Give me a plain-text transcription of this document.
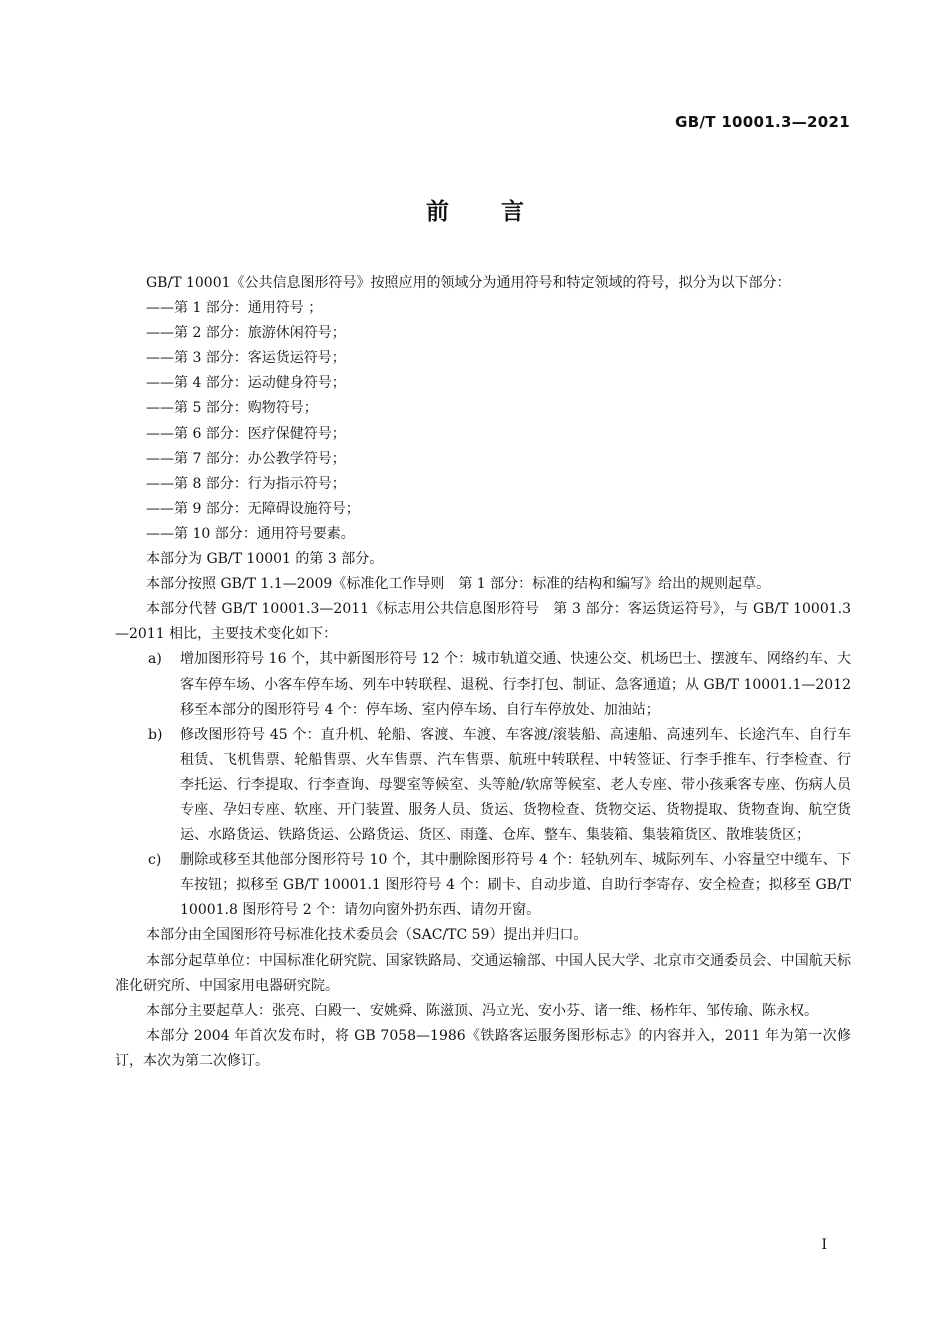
GB/T 10001.3—2021
前 言

GB/T 10001《公共信息图形符号》按照应用的领域分为通用符号和特定领域的符号，拟分为以下部分：

——第 1 部分：通用符号 ；

——第 2 部分：旅游休闲符号；

——第 3 部分：客运货运符号；

——第 4 部分：运动健身符号；

——第 5 部分：购物符号；

——第 6 部分：医疗保健符号；

——第 7 部分：办公教学符号；

——第 8 部分：行为指示符号；

——第 9 部分：无障碍设施符号；

——第 10 部分：通用符号要素。

本部分为 GB/T 10001 的第 3 部分。

本部分按照 GB/T 1.1—2009《标准化工作导则　第 1 部分：标准的结构和编写》给出的规则起草。

本部分代替 GB/T 10001.3—2011《标志用公共信息图形符号　第 3 部分：客运货运符号》，与 GB/T 10001.3—2011 相比，主要技术变化如下：

a) 增加图形符号 16 个，其中新图形符号 12 个：城市轨道交通、快速公交、机场巴士、摆渡车、网络约车、大客车停车场、小客车停车场、列车中转联程、退税、行李打包、制证、急客通道；从 GB/T 10001.1—2012 移至本部分的图形符号 4 个：停车场、室内停车场、自行车停放处、加油站；
b) 修改图形符号 45 个：直升机、轮船、客渡、车渡、车客渡/滚装船、高速船、高速列车、长途汽车、自行车租赁、飞机售票、轮船售票、火车售票、汽车售票、航班中转联程、中转签证、行李手推车、行李检查、行李托运、行李提取、行李查询、母婴室等候室、头等舱/软席等候室、老人专座、带小孩乘客专座、伤病人员专座、孕妇专座、软座、开门装置、服务人员、货运、货物检查、货物交运、货物提取、货物查询、航空货运、水路货运、铁路货运、公路货运、货区、雨蓬、仓库、整车、集装箱、集装箱货区、散堆装货区；
c) 删除或移至其他部分图形符号 10 个，其中删除图形符号 4 个：轻轨列车、城际列车、小容量空中缆车、下车按钮；拟移至 GB/T 10001.1 图形符号 4 个：刷卡、自动步道、自助行李寄存、安全检查；拟移至 GB/T 10001.8 图形符号 2 个：请勿向窗外扔东西、请勿开窗。

本部分由全国图形符号标准化技术委员会（SAC/TC 59）提出并归口。

本部分起草单位：中国标准化研究院、国家铁路局、交通运输部、中国人民大学、北京市交通委员会、中国航天标准化研究所、中国家用电器研究院。

本部分主要起草人：张亮、白殿一、安姚舜、陈滋顶、冯立光、安小芬、诸一维、杨柞年、邹传瑜、陈永权。

本部分 2004 年首次发布时，将 GB 7058—1986《铁路客运服务图形标志》的内容并入，2011 年为第一次修订，本次为第二次修订。

I
